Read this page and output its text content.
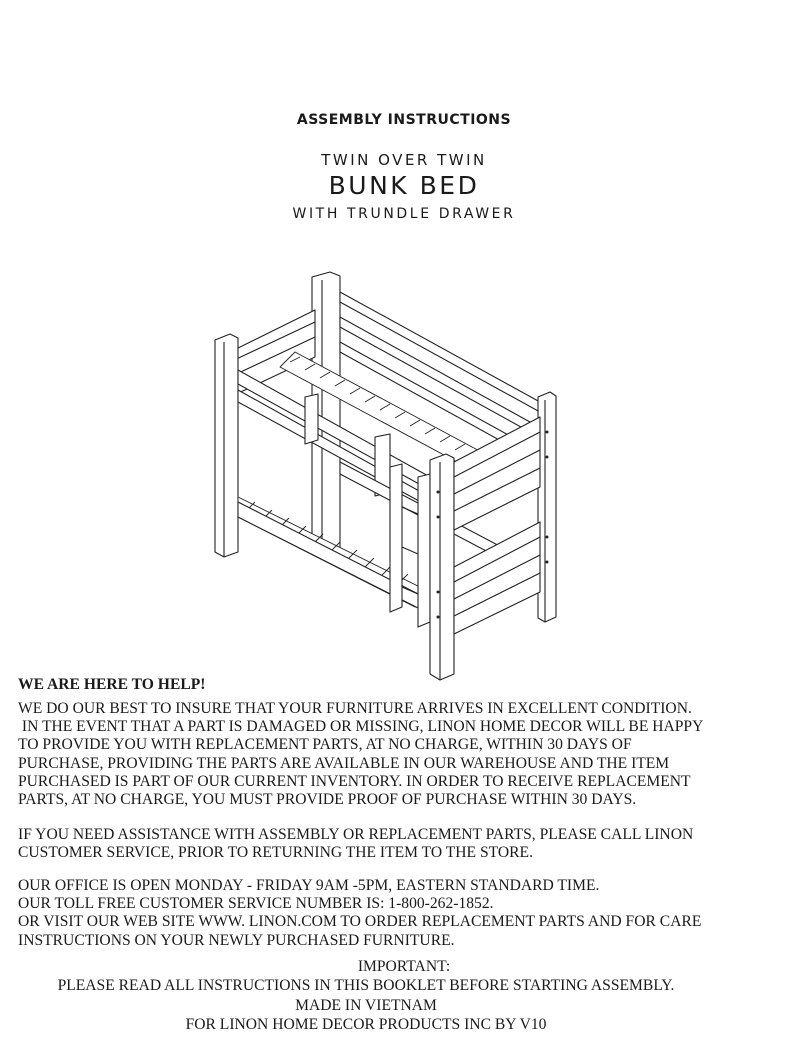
ASSEMBLY INSTRUCTIONS
TWIN OVER TWIN
BUNK BED
WITH TRUNDLE DRAWER
WE ARE HERE TO HELP!
WE DO OUR BEST TO INSURE THAT YOUR FURNITURE ARRIVES IN EXCELLENT CONDITION.
IN THE EVENT THAT A PART IS DAMAGED OR MISSING, LINON HOME DECOR WILL BE HAPPY
TO PROVIDE YOU WITH REPLACEMENT PARTS, AT NO CHARGE, WITHIN 30 DAYS OF
PURCHASE, PROVIDING THE PARTS ARE AVAILABLE IN OUR WAREHOUSE AND THE ITEM
PURCHASED IS PART OF OUR CURRENT INVENTORY. IN ORDER TO RECEIVE REPLACEMENT
PARTS, AT NO CHARGE, YOU MUST PROVIDE PROOF OF PURCHASE WITHIN 30 DAYS.
IF YOU NEED ASSISTANCE WITH ASSEMBLY OR REPLACEMENT PARTS, PLEASE CALL LINON
CUSTOMER SERVICE, PRIOR TO RETURNING THE ITEM TO THE STORE.
OUR OFFICE IS OPEN MONDAY - FRIDAY 9AM -5PM, EASTERN STANDARD TIME.
OUR TOLL FREE CUSTOMER SERVICE NUMBER IS: 1-800-262-1852.
OR VISIT OUR WEB SITE WWW. LINON.COM TO ORDER REPLACEMENT PARTS AND FOR CARE
INSTRUCTIONS ON YOUR NEWLY PURCHASED FURNITURE.
IMPORTANT:
PLEASE READ ALL INSTRUCTIONS IN THIS BOOKLET BEFORE STARTING ASSEMBLY.
MADE IN VIETNAM
FOR LINON HOME DECOR PRODUCTS INC BY V10
